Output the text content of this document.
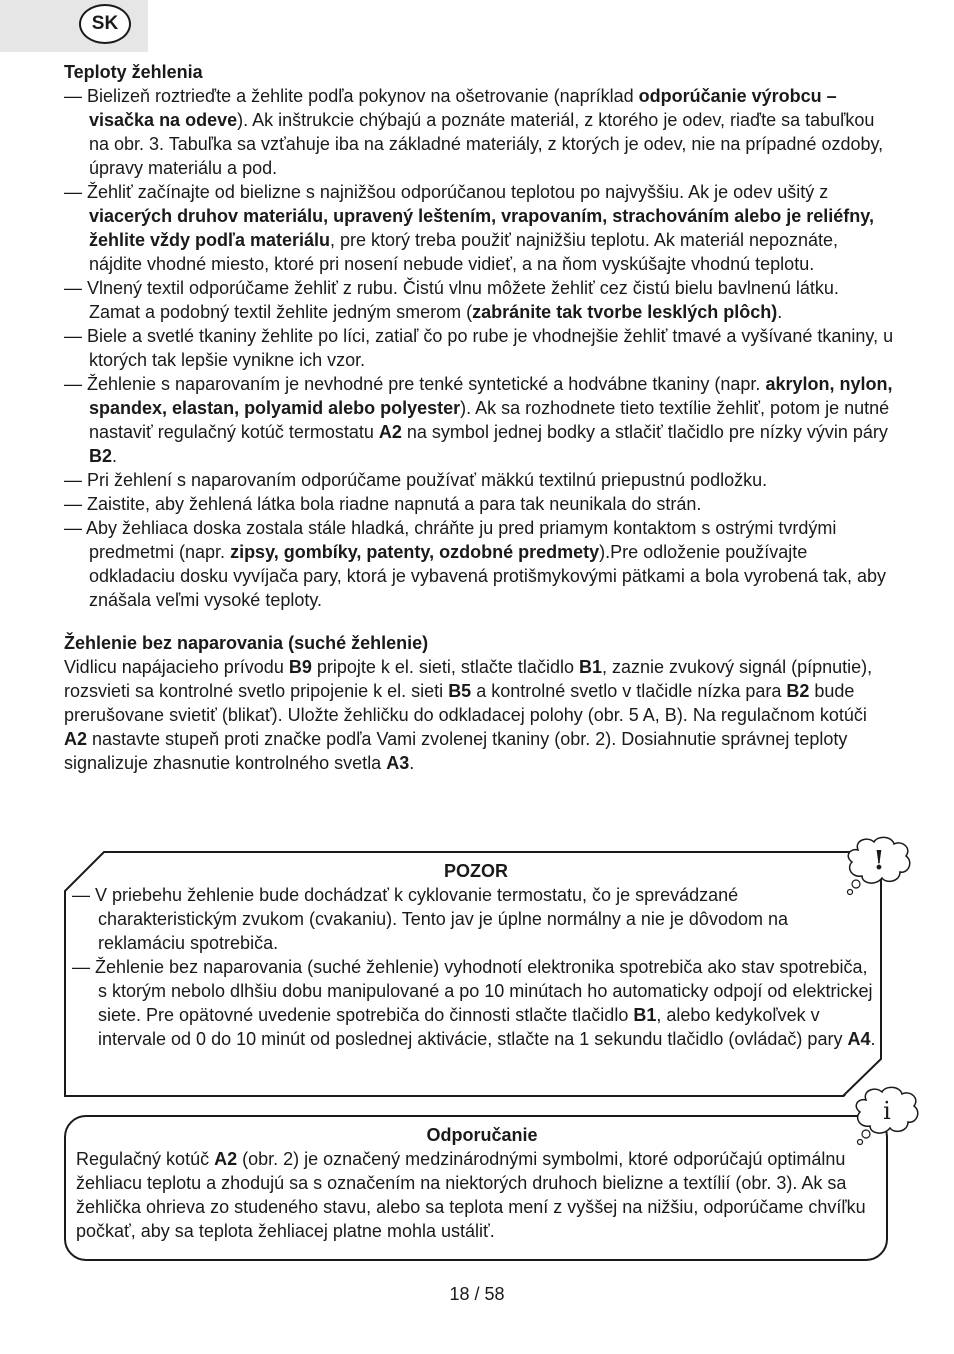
SK
Teploty žehlenia

— Bielizeň roztrieďte a žehlite podľa pokynov na ošetrovanie (napríklad odporúčanie výrobcu – visačka na odeve). Ak inštrukcie chýbajú a poznáte materiál, z ktorého je odev, riaďte sa tabuľkou na obr. 3. Tabuľka sa vzťahuje iba na základné materiály, z ktorých je odev, nie na prípadné ozdoby, úpravy materiálu a pod.

— Žehliť začínajte od bielizne s najnižšou odporúčanou teplotou po najvyššiu. Ak je odev ušitý z viacerých druhov materiálu, upravený leštením, vrapovaním, strachováním alebo je reliéfny, žehlite vždy podľa materiálu, pre ktorý treba použiť najnižšiu teplotu. Ak materiál nepoznáte, nájdite vhodné miesto, ktoré pri nosení nebude vidieť, a na ňom vyskúšajte vhodnú teplotu.

— Vlnený textil odporúčame žehliť z rubu. Čistú vlnu môžete žehliť cez čistú bielu bavlnenú látku. Zamat a podobný textil žehlite jedným smerom (zabránite tak tvorbe lesklých plôch).

— Biele a svetlé tkaniny žehlite po líci, zatiaľ čo po rube je vhodnejšie žehliť tmavé a vyšívané tkaniny, u ktorých tak lepšie vynikne ich vzor.

— Žehlenie s naparovaním je nevhodné pre tenké syntetické a hodvábne tkaniny (napr. akrylon, nylon, spandex, elastan, polyamid alebo polyester). Ak sa rozhodnete tieto textílie žehliť, potom je nutné nastaviť regulačný kotúč termostatu A2 na symbol jednej bodky a stlačiť tlačidlo pre nízky vývin páry B2.

— Pri žehlení s naparovaním odporúčame používať mäkkú textilnú priepustnú podložku.

— Zaistite, aby žehlená látka bola riadne napnutá a para tak neunikala do strán.

— Aby žehliaca doska zostala stále hladká, chráňte ju pred priamym kontaktom s ostrými tvrdými predmetmi (napr. zipsy, gombíky, patenty, ozdobné predmety).Pre odloženie používajte odkladaciu dosku vyvíjača pary, ktorá je vybavená protišmykovými pätkami a bola vyrobená tak, aby znášala veľmi vysoké teploty.

Žehlenie bez naparovania (suché žehlenie)

Vidlicu napájacieho prívodu B9 pripojte k el. sieti, stlačte tlačidlo B1, zaznie zvukový signál (pípnutie), rozsvieti sa kontrolné svetlo pripojenie k el. sieti B5 a kontrolné svetlo v tlačidle nízka para B2 bude prerušovane svietiť (blikať). Uložte žehličku do odkladacej polohy (obr. 5 A, B). Na regulačnom kotúči A2 nastavte stupeň proti značke podľa Vami zvolenej tkaniny (obr. 2). Dosiahnutie správnej teploty signalizuje zhasnutie kontrolného svetla A3.

POZOR

— V priebehu žehlenie bude dochádzať k cyklovanie termostatu, čo je sprevádzané charakteristickým zvukom (cvakaniu). Tento jav je úplne normálny a nie je dôvodom na reklamáciu spotrebiča.

— Žehlenie bez naparovania (suché žehlenie) vyhodnotí elektronika spotrebiča ako stav spotrebiča, s ktorým nebolo dlhšiu dobu manipulované a po 10 minútach ho automaticky odpojí od elektrickej siete. Pre opätovné uvedenie spotrebiča do činnosti stlačte tlačidlo B1, alebo kedykoľvek v intervale od 0 do 10 minút od poslednej aktivácie, stlačte na 1 sekundu tlačidlo (ovládač) pary A4.

!

Odporučanie

Regulačný kotúč A2 (obr. 2) je označený medzinárodnými symbolmi, ktoré odporúčajú optimálnu žehliacu teplotu a zhodujú sa s označením na niektorých druhoch bielizne a textílií (obr. 3). Ak sa žehlička ohrieva zo studeného stavu, alebo sa teplota mení z vyššej na nižšiu, odporúčame chvíľku počkať, aby sa teplota žehliacej platne mohla ustáliť.

i
18 / 58
